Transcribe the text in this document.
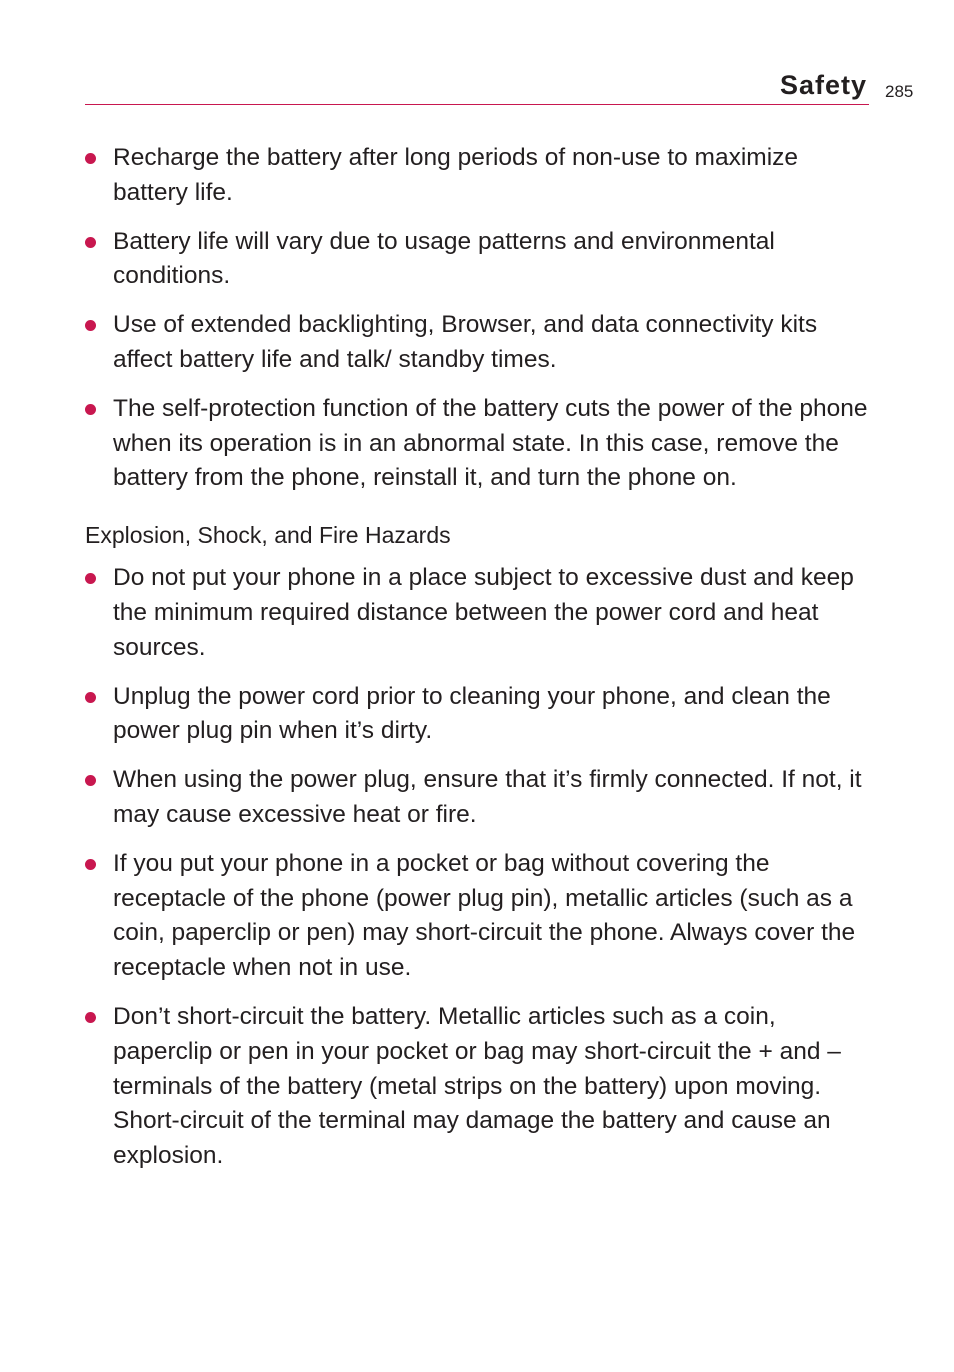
Safety 285
Recharge the battery after long periods of non-use to maximize battery life.
Battery life will vary due to usage patterns and environmental conditions.
Use of extended backlighting, Browser, and data connectivity kits affect battery life and talk/ standby times.
The self-protection function of the battery cuts the power of the phone when its operation is in an abnormal state. In this case, remove the battery from the phone, reinstall it, and turn the phone on.
Explosion, Shock, and Fire Hazards
Do not put your phone in a place subject to excessive dust and keep the minimum required distance between the power cord and heat sources.
Unplug the power cord prior to cleaning your phone, and clean the power plug pin when it’s dirty.
When using the power plug, ensure that it’s firmly connected. If not, it may cause excessive heat or fire.
If you put your phone in a pocket or bag without covering the receptacle of the phone (power plug pin), metallic articles (such as a coin, paperclip or pen) may short-circuit the phone. Always cover the receptacle when not in use.
Don’t short-circuit the battery. Metallic articles such as a coin, paperclip or pen in your pocket or bag may short-circuit the + and – terminals of the battery (metal strips on the battery) upon moving. Short-circuit of the terminal may damage the battery and cause an explosion.
